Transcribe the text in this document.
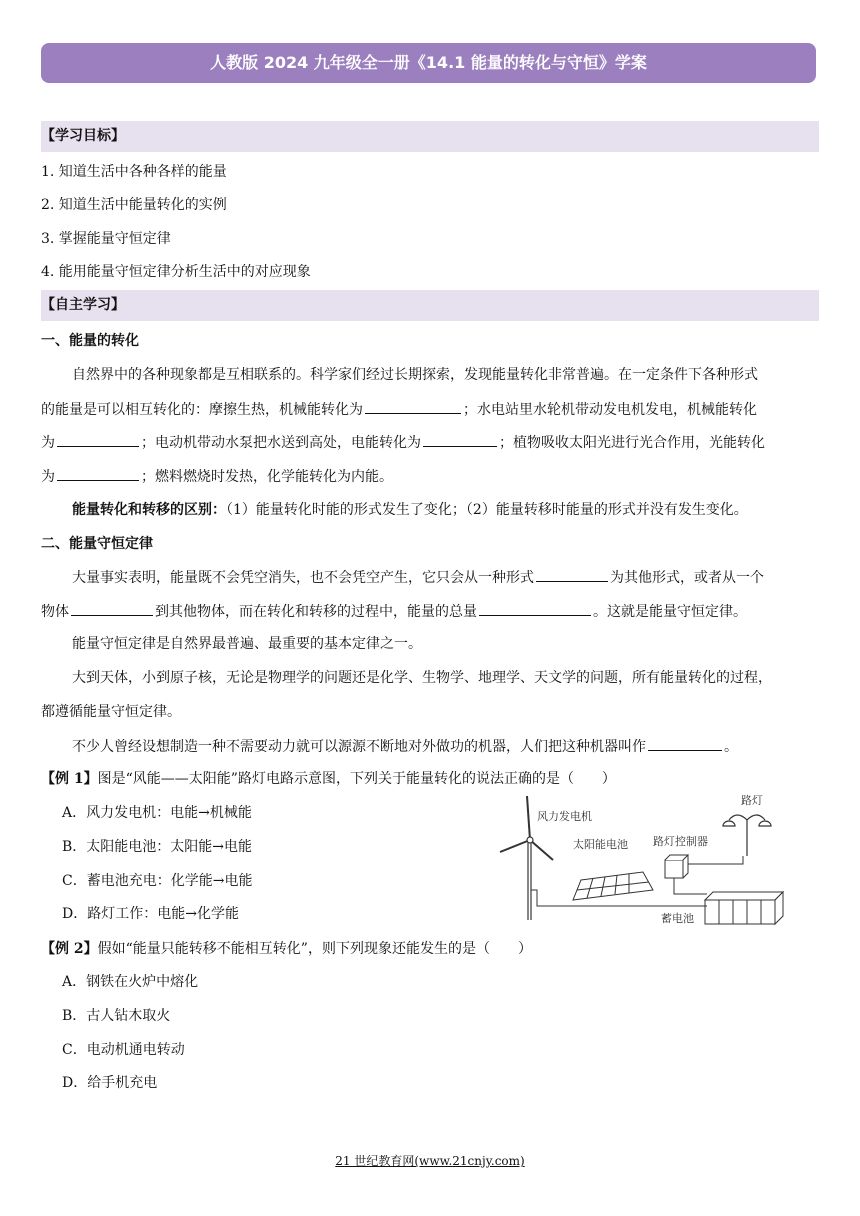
人教版 2024 九年级全一册《14.1 能量的转化与守恒》学案
【学习目标】
1. 知道生活中各种各样的能量
2. 知道生活中能量转化的实例
3. 掌握能量守恒定律
4. 能用能量守恒定律分析生活中的对应现象
【自主学习】
一、能量的转化
自然界中的各种现象都是互相联系的。科学家们经过长期探索，发现能量转化非常普遍。在一定条件下各种形式
的能量是可以相互转化的：摩擦生热，机械能转化为	；水电站里水轮机带动发电机发电，机械能转化
为	；电动机带动水泵把水送到高处，电能转化为	；植物吸收太阳光进行光合作用，光能转化
为	；燃料燃烧时发热，化学能转化为内能。
能量转化和转移的区别：（1）能量转化时能的形式发生了变化；（2）能量转移时能量的形式并没有发生变化。
二、能量守恒定律
大量事实表明，能量既不会凭空消失，也不会凭空产生，它只会从一种形式	为其他形式，或者从一个
物体	到其他物体，而在转化和转移的过程中，能量的总量	。这就是能量守恒定律。
能量守恒定律是自然界最普遍、最重要的基本定律之一。
大到天体，小到原子核，无论是物理学的问题还是化学、生物学、地理学、天文学的问题，所有能量转化的过程，
都遵循能量守恒定律。
不少人曾经设想制造一种不需要动力就可以源源不断地对外做功的机器，人们把这种机器叫作	。
【例 1】图是“风能——太阳能”路灯电路示意图，下列关于能量转化的说法正确的是（　　）
A．风力发电机：电能→机械能
B．太阳能电池：太阳能→电能
C．蓄电池充电：化学能→电能
D．路灯工作：电能→化学能
风力发电机
太阳能电池 路灯控制器
路灯
蓄电池
【例 2】假如“能量只能转移不能相互转化”，则下列现象还能发生的是（　　）
A．钢铁在火炉中熔化
B．古人钻木取火
C．电动机通电转动
D．给手机充电
21 世纪教育网(www.21cnjy.com)
